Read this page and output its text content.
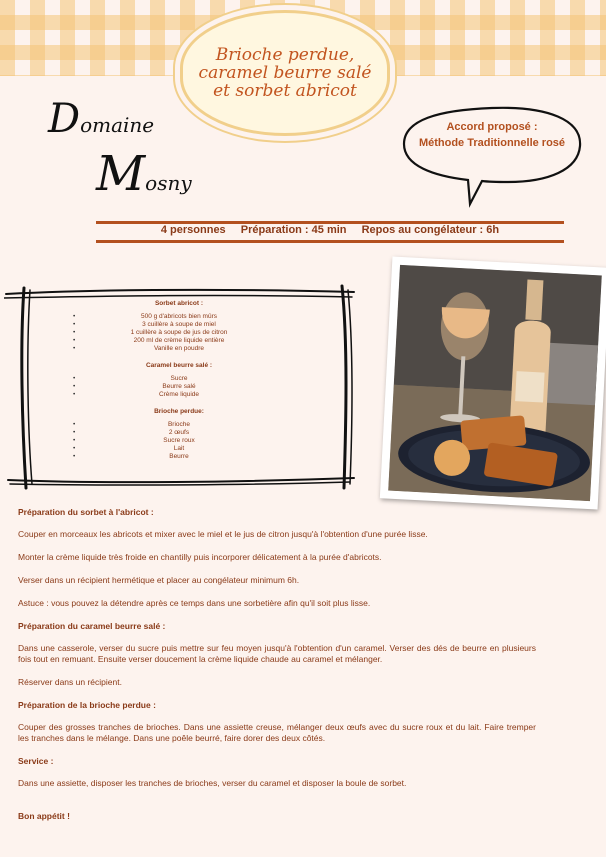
Brioche perdue, caramel beurre salé et sorbet abricot
Domaine
Mosny
Accord proposé :
Méthode Traditionnelle rosé
4 personnes Préparation : 45 min Repos au congélateur : 6h
Sorbet abricot :
• 500 g d'abricots bien mûrs
• 3 cuillère à soupe de miel
• 1 cuillère à soupe de jus de citron
• 200 ml de crème liquide entière
• Vanille en poudre
Caramel beurre salé :
• Sucre
• Beurre salé
• Crème liquide
Brioche perdue:
• Brioche
• 2 œufs
• Sucre roux
• Lait
• Beurre

Préparation du sorbet à l'abricot :

Couper en morceaux les abricots et mixer avec le miel et le jus de citron jusqu'à l'obtention d'une purée lisse.

Monter la crème liquide très froide en chantilly puis incorporer délicatement à la purée d'abricots.

Verser dans un récipient hermétique et placer au congélateur minimum 6h.

Astuce : vous pouvez la détendre après ce temps dans une sorbetière afin qu'il soit plus lisse.

Préparation du caramel beurre salé :

Dans une casserole, verser du sucre puis mettre sur feu moyen jusqu'à l'obtention d'un caramel. Verser des dés de beurre en plusieurs fois tout en remuant. Ensuite verser doucement la crème liquide chaude au caramel et mélanger.

Réserver dans un récipient.

Préparation de la brioche perdue :

Couper des grosses tranches de brioches. Dans une assiette creuse, mélanger deux œufs avec du sucre roux et du lait. Faire tremper les tranches dans le mélange. Dans une poêle beurré, faire dorer des deux côtés.

Service :

Dans une assiette, disposer les tranches de brioches, verser du caramel et disposer la boule de sorbet.

Bon appétit !
